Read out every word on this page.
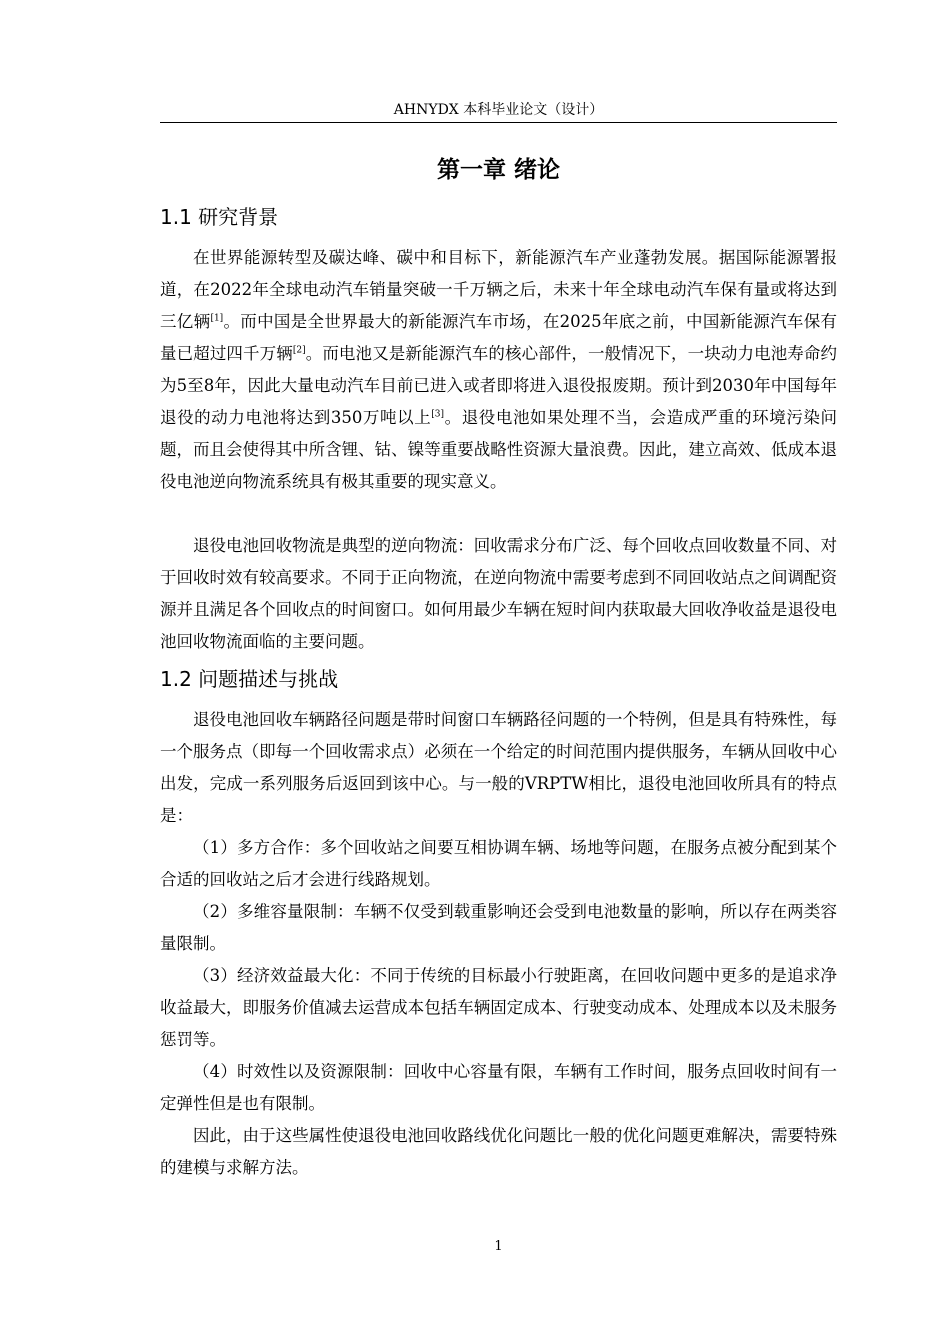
AHNYDX 本科毕业论文（设计）
第一章 绪论
1.1 研究背景

在世界能源转型及碳达峰、碳中和目标下，新能源汽车产业蓬勃发展。据国际能源署报道，在2022年全球电动汽车销量突破一千万辆之后，未来十年全球电动汽车保有量或将达到三亿辆[1]。而中国是全世界最大的新能源汽车市场，在2025年底之前，中国新能源汽车保有量已超过四千万辆[2]。而电池又是新能源汽车的核心部件，一般情况下，一块动力电池寿命约为5至8年，因此大量电动汽车目前已进入或者即将进入退役报废期。预计到2030年中国每年退役的动力电池将达到350万吨以上[3]。退役电池如果处理不当，会造成严重的环境污染问题，而且会使得其中所含锂、钴、镍等重要战略性资源大量浪费。因此，建立高效、低成本退役电池逆向物流系统具有极其重要的现实意义。

退役电池回收物流是典型的逆向物流：回收需求分布广泛、每个回收点回收数量不同、对于回收时效有较高要求。不同于正向物流，在逆向物流中需要考虑到不同回收站点之间调配资源并且满足各个回收点的时间窗口。如何用最少车辆在短时间内获取最大回收净收益是退役电池回收物流面临的主要问题。

1.2 问题描述与挑战

退役电池回收车辆路径问题是带时间窗口车辆路径问题的一个特例，但是具有特殊性，每一个服务点（即每一个回收需求点）必须在一个给定的时间范围内提供服务，车辆从回收中心出发，完成一系列服务后返回到该中心。与一般的VRPTW相比，退役电池回收所具有的特点是：

（1）多方合作：多个回收站之间要互相协调车辆、场地等问题，在服务点被分配到某个合适的回收站之后才会进行线路规划。

（2）多维容量限制：车辆不仅受到载重影响还会受到电池数量的影响，所以存在两类容量限制。

（3）经济效益最大化：不同于传统的目标最小行驶距离，在回收问题中更多的是追求净收益最大，即服务价值减去运营成本包括车辆固定成本、行驶变动成本、处理成本以及未服务惩罚等。

（4）时效性以及资源限制：回收中心容量有限，车辆有工作时间，服务点回收时间有一定弹性但是也有限制。

因此，由于这些属性使退役电池回收路线优化问题比一般的优化问题更难解决，需要特殊的建模与求解方法。

1
